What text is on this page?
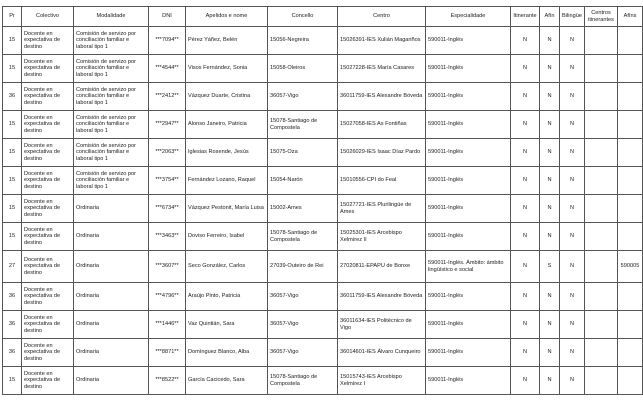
Pr	Colectivo	Modalidade	DNI	Apelidos e nome	Concello	Centro	Especialidade	Itinerante	Afín	Bilingüe	Centros itinerantes	Afíns
15	Docente en expectativa de destino	Comisión de servizo por conciliación familiar e laboral tipo 1	***7094**	Pérez Yáñez, Belén	15056-Negreira	15026391-IES Xulián Magariños	590011-Inglés	N	N	N		
15	Docente en expectativa de destino	Comisión de servizo por conciliación familiar e laboral tipo 1	***4544**	Visos Fernández, Sonia	15058-Oleiros	15027228-IES María Casares	590011-Inglés	N	N	N		
36	Docente en expectativa de destino	Comisión de servizo por conciliación familiar e laboral tipo 1	***2412**	Vázquez Duarte, Cristina	36057-Vigo	36011759-IES Alexandre Bóveda	590011-Inglés	N	N	N		
15	Docente en expectativa de destino	Comisión de servizo por conciliación familiar e laboral tipo 1	***2947**	Alonso Janeiro, Patricia	15078-Santiago de Compostela	15027058-IES As Fontiñas	590011-Inglés	N	N	N		
15	Docente en expectativa de destino	Comisión de servizo por conciliación familiar e laboral tipo 1	***2063**	Iglesias Rosende, Jesús	15075-Oza	15026029-IES Isaac Díaz Pardo	590011-Inglés	N	N	N		
15	Docente en expectativa de destino	Comisión de servizo por conciliación familiar e laboral tipo 1	***3754**	Fernández Lozano, Raquel	15054-Narón	15010556-CPI do Feal	590011-Inglés	N	N	N		
15	Docente en expectativa de destino	Ordinaria	***6734**	Vázquez Pestonit, María Luisa	15002-Ames	15027721-IES Plurilingüe de Ames	590011-Inglés	N	N	N		
15	Docente en expectativa de destino	Ordinaria	***3463**	Doviso Ferreiro, Isabel	15078-Santiago de Compostela	15025301-IES Arcebispo Xelmírez II	590011-Inglés	N	N	N		
27	Docente en expectativa de destino	Ordinaria	***3607**	Seco González, Carlos	27039-Outeiro de Rei	27020811-EPAPU de Bonxe	590011-Inglés. Ámbito: ámbito lingüístico e social	N	S	N		590005
36	Docente en expectativa de destino	Ordinaria	***4796**	Araújo Pinto, Patricia	36057-Vigo	36011759-IES Alexandre Bóveda	590011-Inglés	N	N	N		
36	Docente en expectativa de destino	Ordinaria	***1446**	Vaz Quintián, Sara	36057-Vigo	36011634-IES Politécnico de Vigo	590011-Inglés	N	N	N		
36	Docente en expectativa de destino	Ordinaria	***8871**	Domínguez Blanco, Alba	36057-Vigo	36014601-IES Álvaro Cunqueiro	590011-Inglés	N	N	N		
15	Docente en expectativa de destino	Ordinaria	***8522**	García Cacicedo, Sara	15078-Santiago de Compostela	15015743-IES Arcebispo Xelmírez I	590011-Inglés	N	N	N		
